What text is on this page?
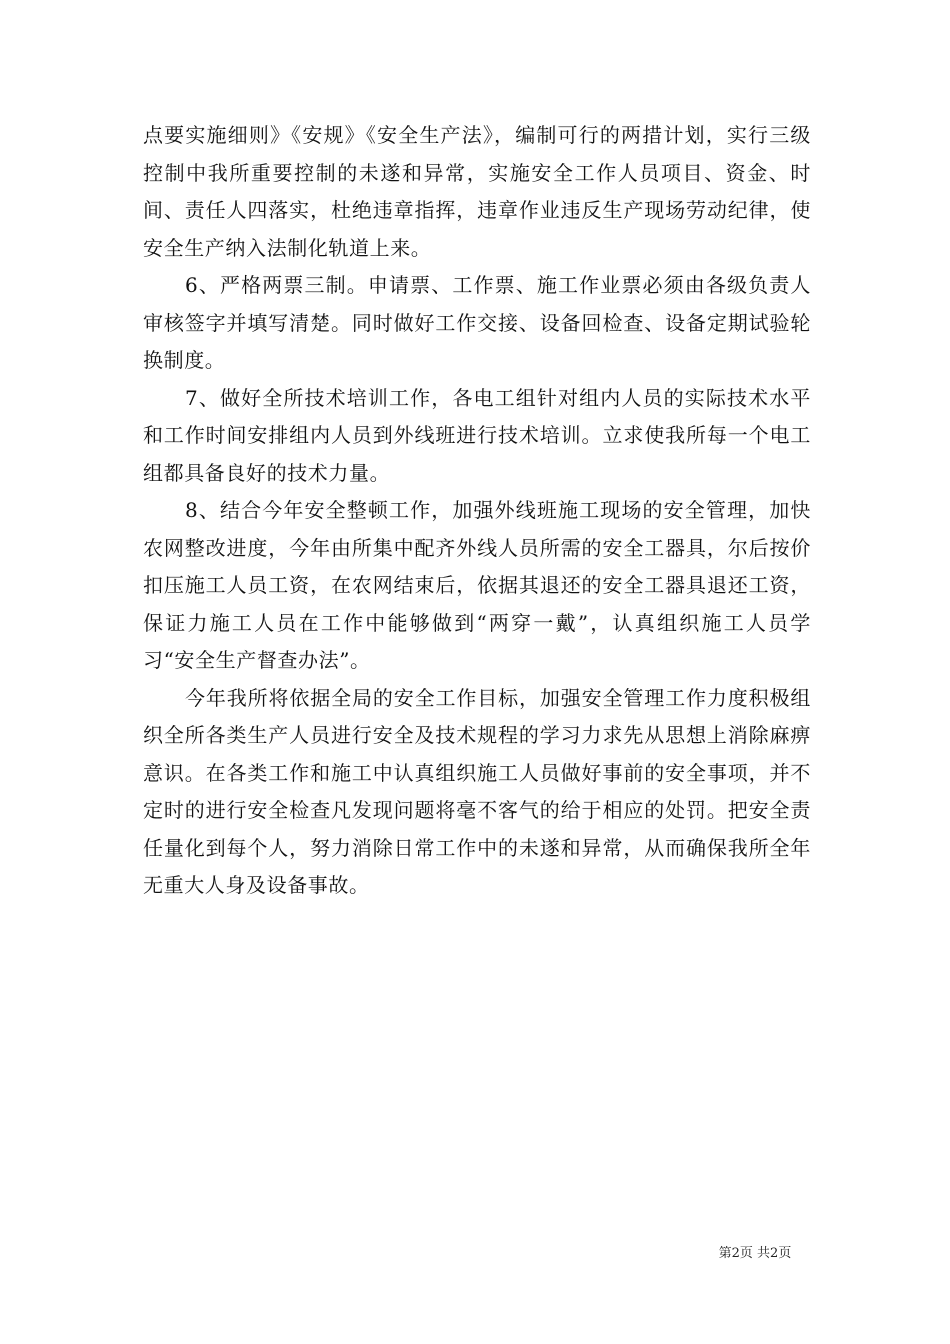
点要实施细则》《安规》《安全生产法》，编制可行的两措计划，实行三级控制中我所重要控制的未遂和异常，实施安全工作人员项目、资金、时间、责任人四落实，杜绝违章指挥，违章作业违反生产现场劳动纪律，使安全生产纳入法制化轨道上来。

6、严格两票三制。申请票、工作票、施工作业票必须由各级负责人审核签字并填写清楚。同时做好工作交接、设备回检查、设备定期试验轮换制度。

7、做好全所技术培训工作，各电工组针对组内人员的实际技术水平和工作时间安排组内人员到外线班进行技术培训。立求使我所每一个电工组都具备良好的技术力量。

8、结合今年安全整顿工作，加强外线班施工现场的安全管理，加快农网整改进度，今年由所集中配齐外线人员所需的安全工器具，尔后按价扣压施工人员工资，在农网结束后，依据其退还的安全工器具退还工资，保证力施工人员在工作中能够做到“两穿一戴”，认真组织施工人员学习“安全生产督查办法”。

今年我所将依据全局的安全工作目标，加强安全管理工作力度积极组织全所各类生产人员进行安全及技术规程的学习力求先从思想上消除麻痹意识。在各类工作和施工中认真组织施工人员做好事前的安全事项，并不定时的进行安全检查凡发现问题将毫不客气的给于相应的处罚。把安全责任量化到每个人，努力消除日常工作中的未遂和异常，从而确保我所全年无重大人身及设备事故。

第2页 共2页
